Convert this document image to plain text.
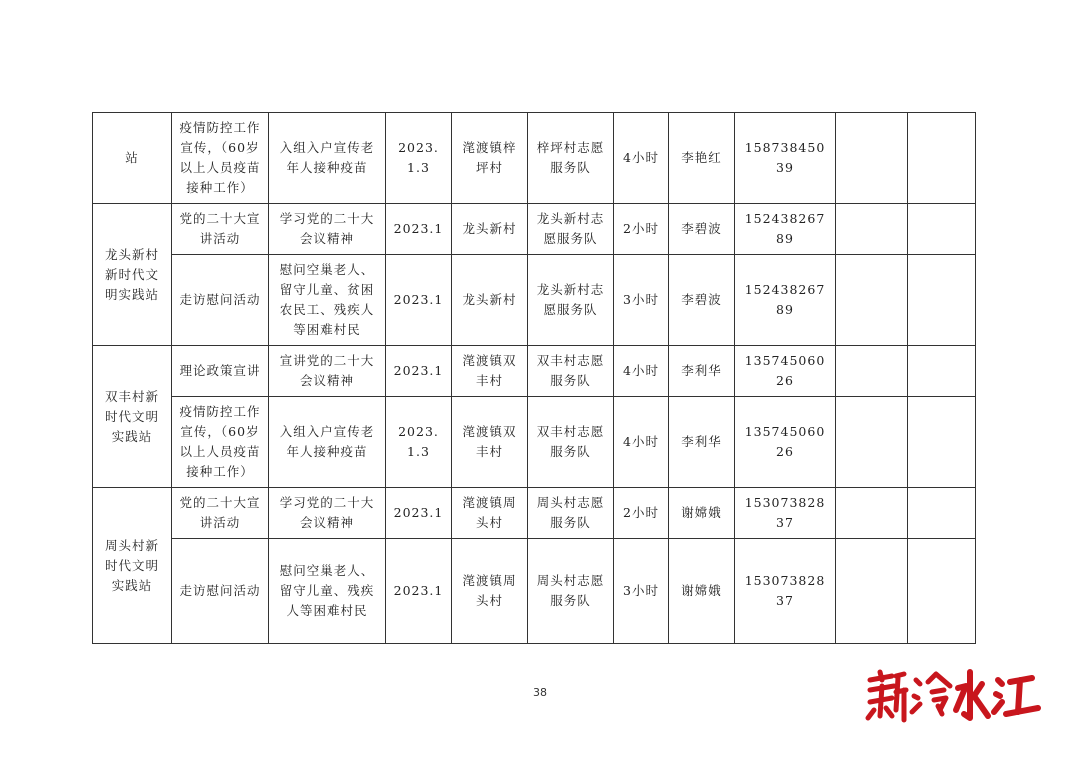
站	疫情防控工作宣传，（60岁以上人员疫苗接种工作）	入组入户宣传老年人接种疫苗	2023.1.3	滗渡镇梓坪村	梓坪村志愿服务队	4小时	李艳红	15873845039		
龙头新村新时代文明实践站	党的二十大宣讲活动	学习党的二十大会议精神	2023.1	龙头新村	龙头新村志愿服务队	2小时	李碧波	15243826789		
	走访慰问活动	慰问空巢老人、留守儿童、贫困农民工、残疾人等困难村民	2023.1	龙头新村	龙头新村志愿服务队	3小时	李碧波	15243826789		
双丰村新时代文明实践站	理论政策宣讲	宣讲党的二十大会议精神	2023.1	滗渡镇双丰村	双丰村志愿服务队	4小时	李利华	13574506026		
	疫情防控工作宣传，（60岁以上人员疫苗接种工作）	入组入户宣传老年人接种疫苗	2023.1.3	滗渡镇双丰村	双丰村志愿服务队	4小时	李利华	13574506026		
周头村新时代文明实践站	党的二十大宣讲活动	学习党的二十大会议精神	2023.1	滗渡镇周头村	周头村志愿服务队	2小时	谢嫦娥	15307382837		
	走访慰问活动	慰问空巢老人、留守儿童、残疾人等困难村民	2023.1	滗渡镇周头村	周头村志愿服务队	3小时	谢嫦娥	15307382837		
38
